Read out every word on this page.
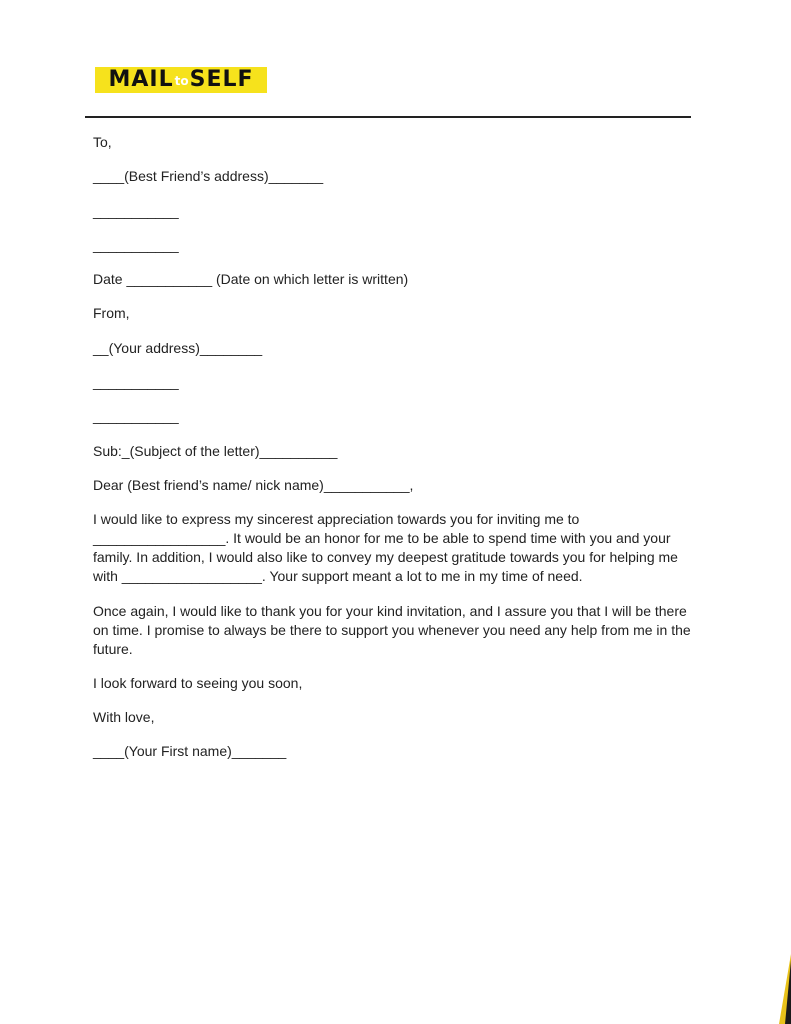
MAIL to SELF
To,
____(Best Friend’s address)_______
___________
___________
Date ___________ (Date on which letter is written)
From,
__(Your address)________
___________
___________
Sub:_(Subject of the letter)__________
Dear (Best friend’s name/ nick name)___________,
I would like to express my sincerest appreciation towards you for inviting me to _________________. It would be an honor for me to be able to spend time with you and your family. In addition, I would also like to convey my deepest gratitude towards you for helping me with __________________. Your support meant a lot to me in my time of need.
Once again, I would like to thank you for your kind invitation, and I assure you that I will be there on time. I promise to always be there to support you whenever you need any help from me in the future.
I look forward to seeing you soon,
With love,
____(Your First name)_______
